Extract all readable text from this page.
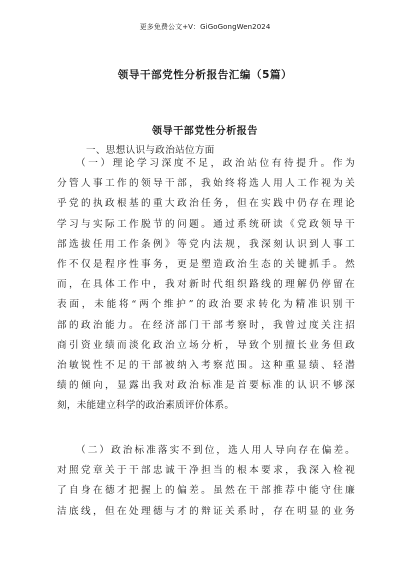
更多免费公文+V：GiGoGongWen2024
领导干部党性分析报告汇编（5篇）
领导干部党性分析报告
一、思想认识与政治站位方面
（一）理论学习深度不足，政治站位有待提升。作为
分管人事工作的领导干部，我始终将选人用人工作视为关
乎党的执政根基的重大政治任务，但在实践中仍存在理论
学习与实际工作脱节的问题。通过系统研读《党政领导干
部选拔任用工作条例》等党内法规，我深刻认识到人事工
作不仅是程序性事务，更是塑造政治生态的关键抓手。然
而，在具体工作中，我对新时代组织路线的理解仍停留在
表面，未能将“两个维护”的政治要求转化为精准识别干
部的政治能力。在经济部门干部考察时，我曾过度关注招
商引资业绩而淡化政治立场分析，导致个别擅长业务但政
治敏锐性不足的干部被纳入考察范围。这种重显绩、轻潜
绩的倾向，显露出我对政治标准是首要标准的认识不够深
刻，未能建立科学的政治素质评价体系。
（二）政治标准落实不到位，选人用人导向存在偏差。
对照党章关于干部忠诚干净担当的根本要求，我深入检视
了自身在德才把握上的偏差。虽然在干部推荐中能守住廉
洁底线，但在处理德与才的辩证关系时，存在明显的业务
